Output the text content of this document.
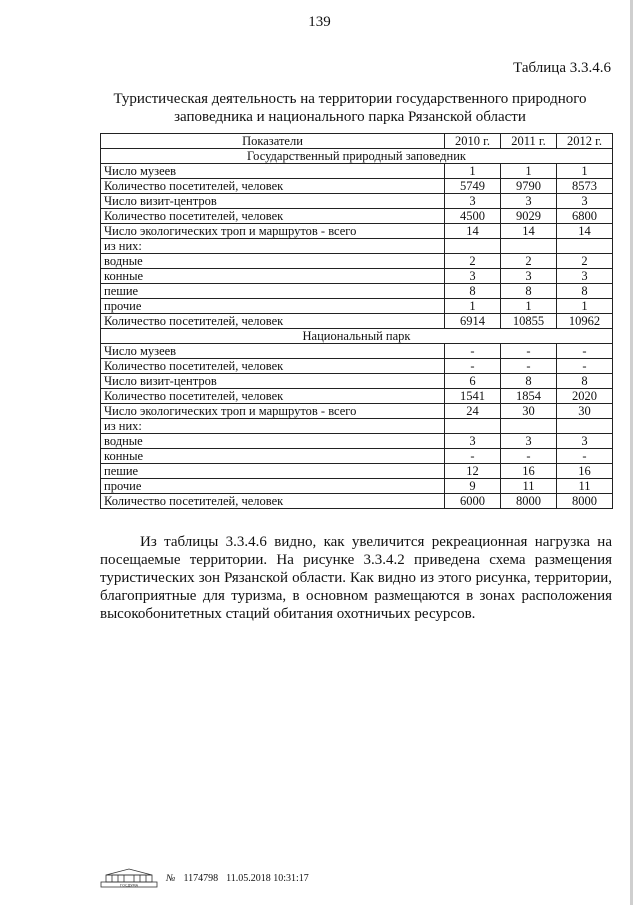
139
Таблица 3.3.4.6
Туристическая деятельность на территории государственного природного заповедника и национального парка Рязанской области
Показатели	2010 г.	2011 г.	2012 г.
Государственный природный заповедник			
Число музеев	1	1	1
Количество посетителей, человек	5749	9790	8573
Число визит-центров	3	3	3
Количество посетителей, человек	4500	9029	6800
Число экологических троп и маршрутов - всего	14	14	14
из них:			
водные	2	2	2
конные	3	3	3
пешие	8	8	8
прочие	1	1	1
Количество посетителей, человек	6914	10855	10962
Национальный парк			
Число музеев	-	-	-
Количество посетителей, человек	-	-	-
Число визит-центров	6	8	8
Количество посетителей, человек	1541	1854	2020
Число экологических троп и маршрутов - всего	24	30	30
из них:			
водные	3	3	3
конные	-	-	-
пешие	12	16	16
прочие	9	11	11
Количество посетителей, человек	6000	8000	8000
Из таблицы 3.3.4.6 видно, как увеличится рекреационная нагрузка на посещаемые территории. На рисунке 3.3.4.2 приведена схема размещения туристических зон Рязанской области. Как видно из этого рисунка, территории, благоприятные для туризма, в основном размещаются в зонах расположения высокобонитетных стаций обитания охотничьих ресурсов.
ГОСДУМА
№ 1174798 11.05.2018 10:31:17
